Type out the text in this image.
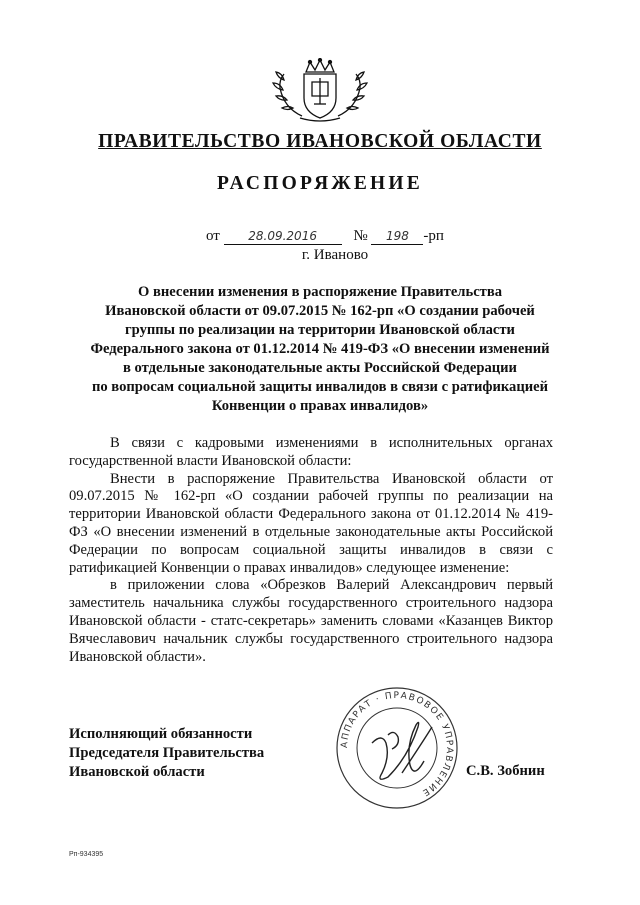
ПРАВИТЕЛЬСТВО ИВАНОВСКОЙ ОБЛАСТИ
РАСПОРЯЖЕНИЕ
от 28.09.2016 № 198 -рп
г. Иваново
О внесении изменения в распоряжение Правительства
Ивановской области от 09.07.2015 № 162-рп «О создании рабочей
группы по реализации на территории Ивановской области
Федерального закона от 01.12.2014 № 419-ФЗ «О внесении изменений
в отдельные законодательные акты Российской Федерации
по вопросам социальной защиты инвалидов в связи с ратификацией
Конвенции о правах инвалидов»

В связи с кадровыми изменениями в исполнительных органах государственной власти Ивановской области:

Внести в распоряжение Правительства Ивановской области от 09.07.2015 № 162-рп «О создании рабочей группы по реализации на территории Ивановской области Федерального закона от 01.12.2014 № 419-ФЗ «О внесении изменений в отдельные законодательные акты Российской Федерации по вопросам социальной защиты инвалидов в связи с ратификацией Конвенции о правах инвалидов» следующее изменение:

в приложении слова «Обрезков Валерий Александрович первый заместитель начальника службы государственного строительного надзора Ивановской области - статс-секретарь» заменить словами «Казанцев Виктор Вячеславович начальник службы государственного строительного надзора Ивановской области».

Исполняющий обязанности
Председателя Правительства
Ивановской области
АППАРАТ · ПРАВОВОЕ УПРАВЛЕНИЕ
С.В. Зобнин
Рп-934395
